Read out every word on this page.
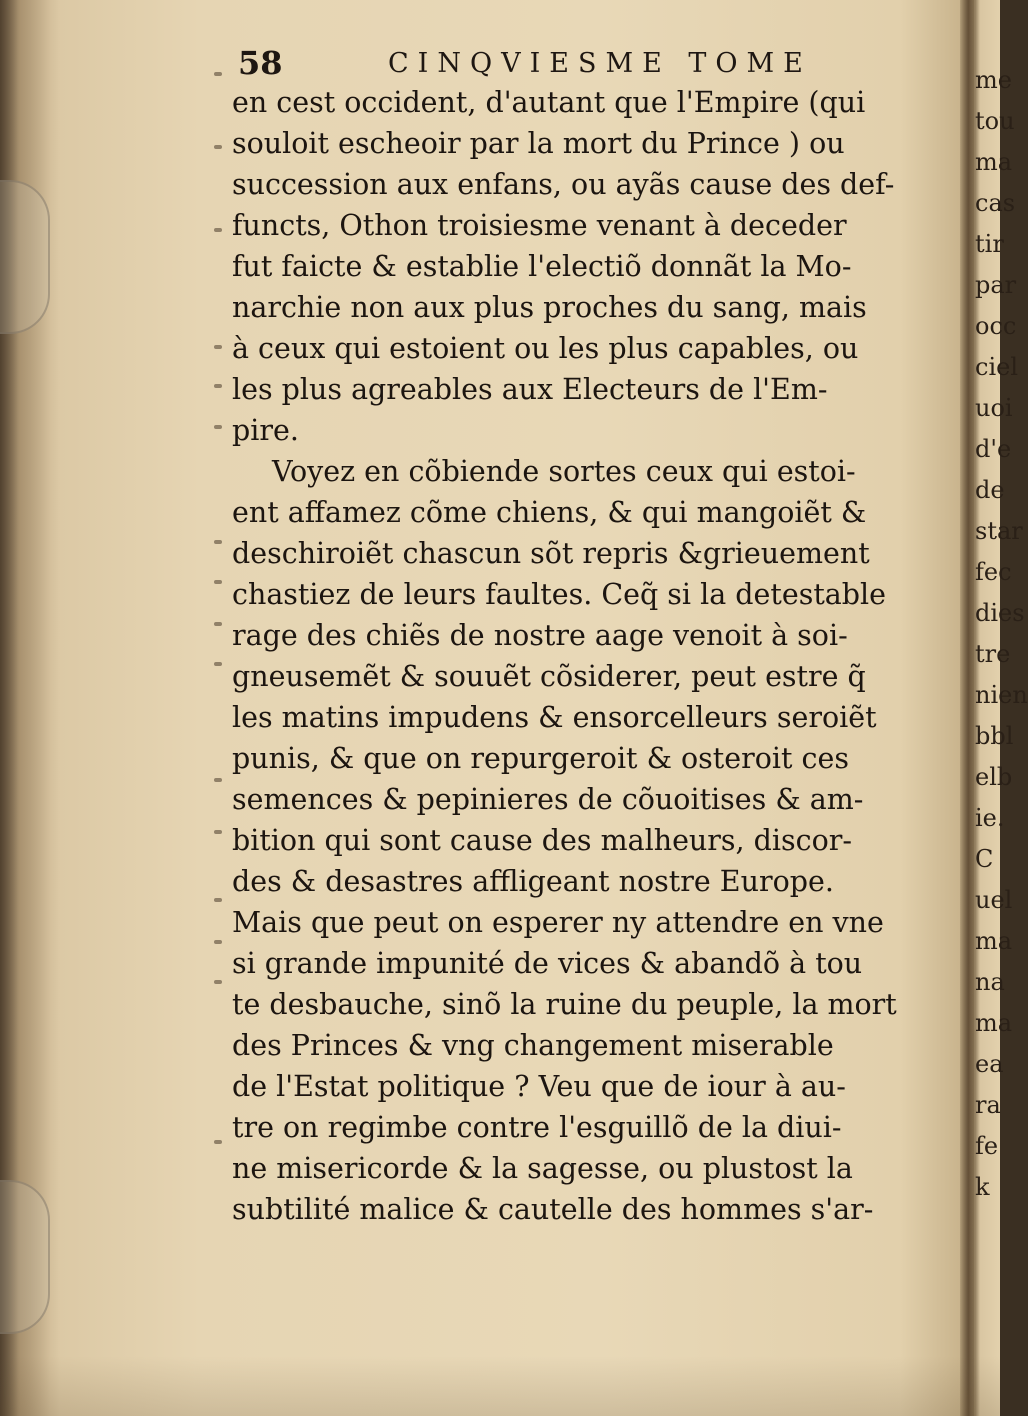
58	CINQVIESME TOME
en cest occident, d'autant que l'Empire (qui
souloit escheoir par la mort du Prince ) ou
succession aux enfans, ou ayãs cause des def-
functs, Othon troisiesme venant à deceder
fut faicte & establie l'electiõ donnãt la Mo-
narchie non aux plus proches du sang, mais
à ceux qui estoient ou les plus capables, ou
les plus agreables aux Electeurs de l'Em-
pire.
Voyez en cõbiende sortes ceux qui estoi-
ent affamez cõme chiens, & qui mangoiẽt &
deschiroiẽt chascun sõt repris &grieuement
chastiez de leurs faultes. Ceq̃ si la detestable
rage des chiẽs de nostre aage venoit à soi-
gneusemẽt & souuẽt cõsiderer, peut estre q̃
les matins impudens & ensorcelleurs seroiẽt
punis, & que on repurgeroit & osteroit ces
semences & pepinieres de cõuoitises & am-
bition qui sont cause des malheurs, discor-
des & desastres affligeant nostre Europe.
Mais que peut on esperer ny attendre en vne
si grande impunité de vices & abandõ à tou
te desbauche, sinõ la ruine du peuple, la mort
des Princes & vng changement miserable
de l'Estat politique ? Veu que de iour à au-
tre on regimbe contre l'esguillõ de la diui-
ne misericorde & la sagesse, ou plustost la
subtilité malice & cautelle des hommes s'ar-
me
tou
ma
cas
tir
par
occ
ciel
uoi
d'e
de
star
fec
dies
tre
nien
bbl
elb
ie.
C
uel
ma
na
ma
ea
ra
fe
k
